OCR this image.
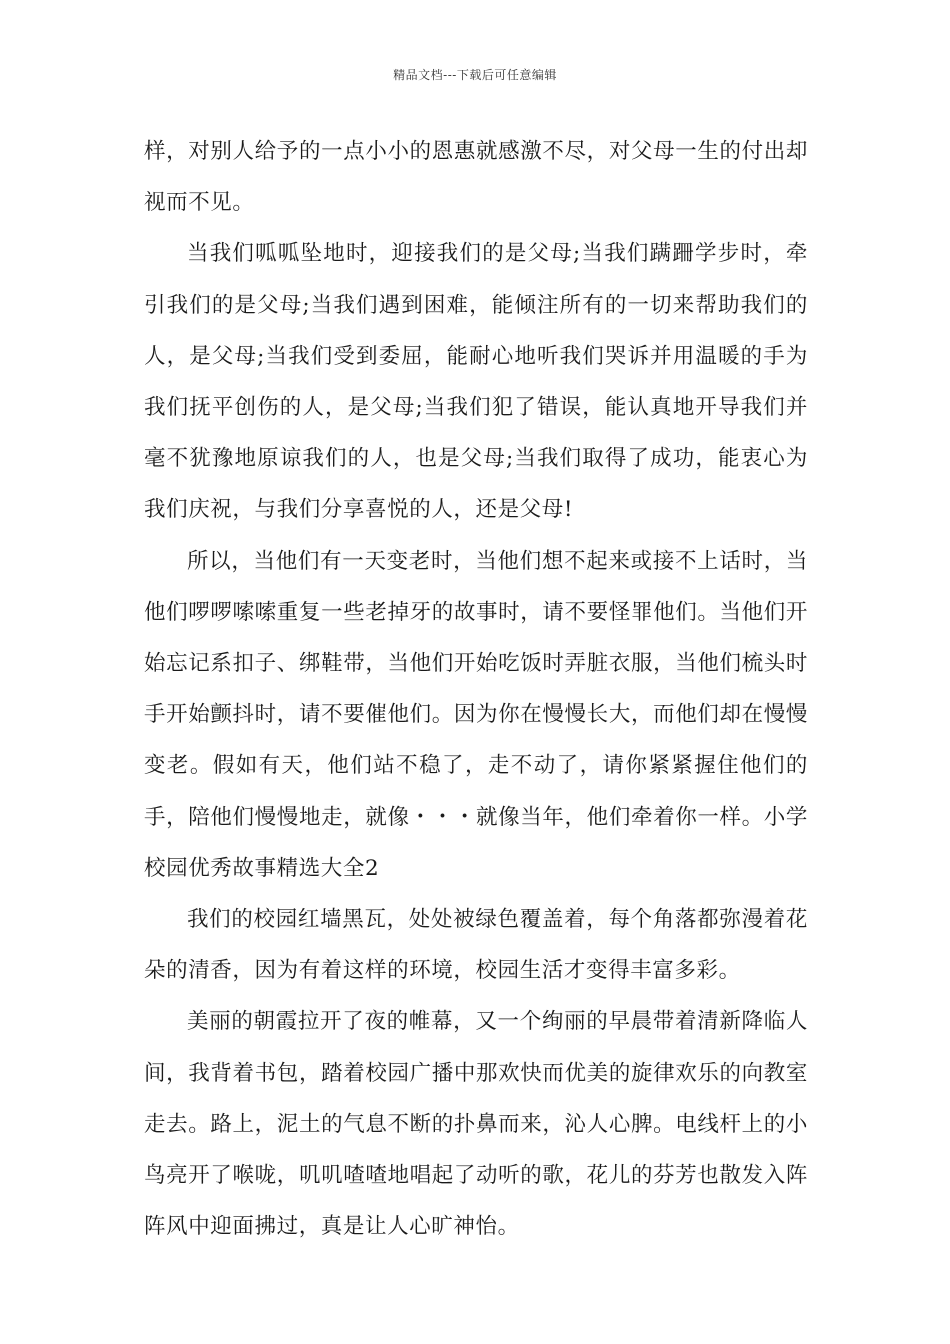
精品文档---下载后可任意编辑

样，对别人给予的一点小小的恩惠就感激不尽，对父母一生的付出却视而不见。

当我们呱呱坠地时，迎接我们的是父母;当我们蹒跚学步时，牵引我们的是父母;当我们遇到困难，能倾注所有的一切来帮助我们的人，是父母;当我们受到委屈，能耐心地听我们哭诉并用温暖的手为我们抚平创伤的人，是父母;当我们犯了错误，能认真地开导我们并毫不犹豫地原谅我们的人，也是父母;当我们取得了成功，能衷心为我们庆祝，与我们分享喜悦的人，还是父母!

所以，当他们有一天变老时，当他们想不起来或接不上话时，当他们啰啰嗦嗦重复一些老掉牙的故事时，请不要怪罪他们。当他们开始忘记系扣子、绑鞋带，当他们开始吃饭时弄脏衣服，当他们梳头时手开始颤抖时，请不要催他们。因为你在慢慢长大，而他们却在慢慢变老。假如有天，他们站不稳了，走不动了，请你紧紧握住他们的手，陪他们慢慢地走，就像・・・就像当年，他们牵着你一样。小学校园优秀故事精选大全2

我们的校园红墙黑瓦，处处被绿色覆盖着，每个角落都弥漫着花朵的清香，因为有着这样的环境，校园生活才变得丰富多彩。

美丽的朝霞拉开了夜的帷幕，又一个绚丽的早晨带着清新降临人间，我背着书包，踏着校园广播中那欢快而优美的旋律欢乐的向教室走去。路上，泥土的气息不断的扑鼻而来，沁人心脾。电线杆上的小鸟亮开了喉咙，叽叽喳喳地唱起了动听的歌，花儿的芬芳也散发入阵阵风中迎面拂过，真是让人心旷神怡。
